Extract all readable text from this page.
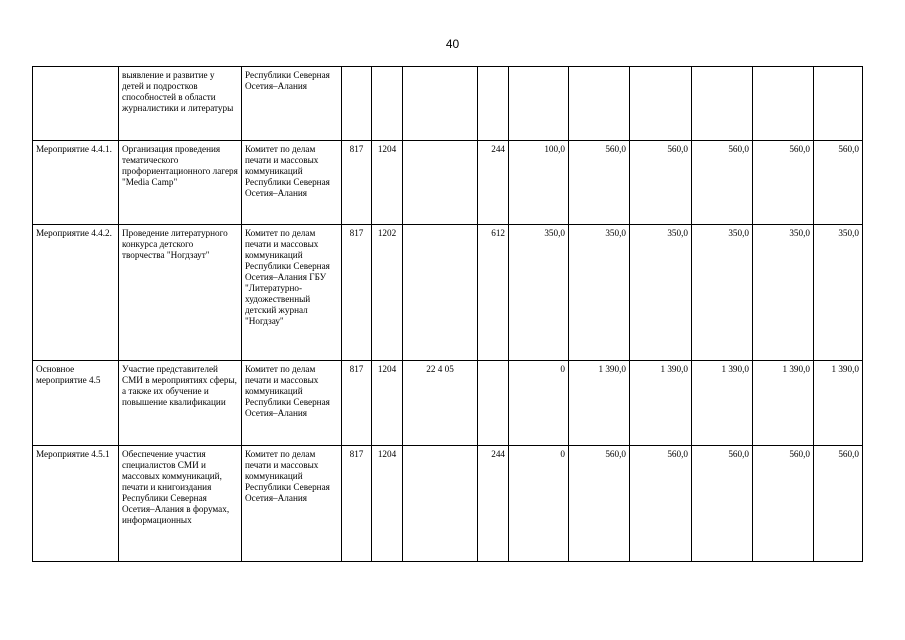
40
	выявление и развитие у детей и подростков способностей в области журналистики и литературы	Республики Северная Осетия–Алания										
Мероприятие 4.4.1.	Организация проведения тематического профориентационного лагеря "Media Camp"	Комитет по делам печати и массовых коммуникаций Республики Северная Осетия–Алания	817	1204		244	100,0	560,0	560,0	560,0	560,0	560,0
Мероприятие 4.4.2.	Проведение литературного конкурса детского творчества "Ногдзаут"	Комитет по делам печати и массовых коммуникаций Республики Северная Осетия–Алания ГБУ "Литературно-художественный детский журнал "Ногдзау"	817	1202		612	350,0	350,0	350,0	350,0	350,0	350,0
Основное мероприятие 4.5	Участие представителей СМИ в мероприятиях сферы, а также их обучение и повышение квалификации	Комитет по делам печати и массовых коммуникаций Республики Северная Осетия–Алания	817	1204	22 4 05		0	1 390,0	1 390,0	1 390,0	1 390,0	1 390,0
Мероприятие 4.5.1	Обеспечение участия специалистов СМИ и массовых коммуникаций, печати и книгоиздания Республики Северная Осетия–Алания в форумах, информационных	Комитет по делам печати и массовых коммуникаций Республики Северная Осетия–Алания	817	1204		244	0	560,0	560,0	560,0	560,0	560,0
